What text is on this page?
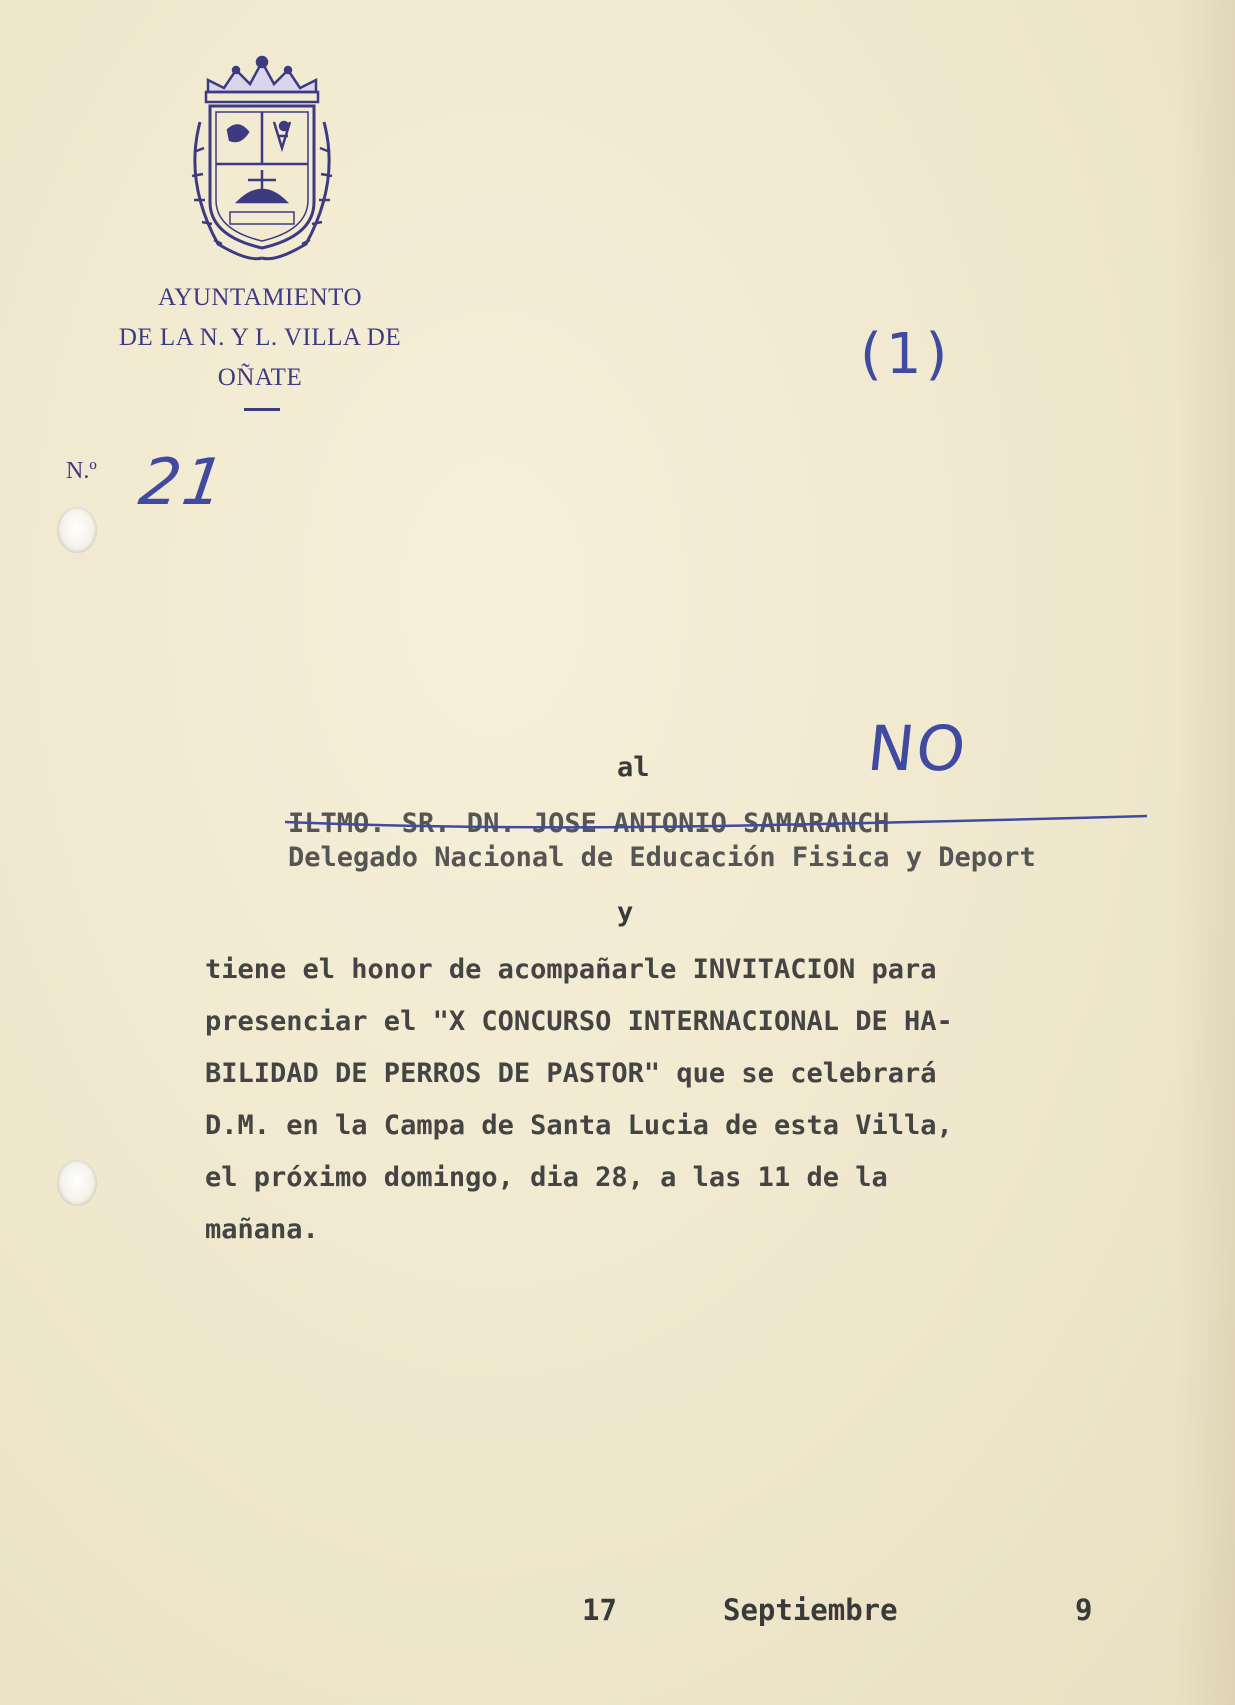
AYUNTAMIENTO
DE LA N. Y L. VILLA DE
OÑATE
N.º 21
(1)
NO
al
ILTMO. SR. DN. JOSE ANTONIO SAMARANCH
Delegado Nacional de Educación Fisica y Deport
y
tiene el honor de acompañarle INVITACION para
presenciar el "X CONCURSO INTERNACIONAL DE HA-
BILIDAD DE PERROS DE PASTOR" que se celebrará
D.M. en la Campa de Santa Lucia de esta Villa,
el próximo domingo, dia 28, a las 11 de la
mañana.
17	Septiembre	9
